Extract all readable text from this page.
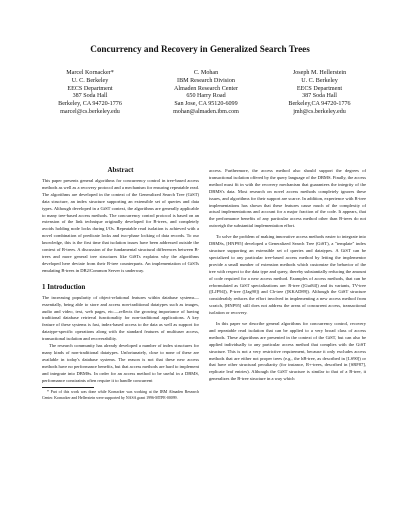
Concurrency and Recovery in Generalized Search Trees
Marcel Kornacker*
U. C. Berkeley
EECS Department
387 Soda Hall
Berkeley, CA 94720-1776
marcel@cs.berkeley.edu
C. Mohan
IBM Research Division
Almaden Research Center
650 Harry Road
San Jose, CA 95120-6099
mohan@almaden.ibm.com
Joseph M. Hellerstein
U. C. Berkeley
EECS Department
387 Soda Hall
Berkeley,CA 94720-1776
jmh@cs.berkeley.edu
Abstract

This paper presents general algorithms for concurrency control in tree-based access methods as well as a recovery protocol and a mechanism for ensuring repeatable read. The algorithms are developed in the context of the Generalized Search Tree (GiST) data structure, an index structure supporting an extensible set of queries and data types. Although developed in a GiST context, the algorithms are generally applicable to many tree-based access methods. The concurrency control protocol is based on an extension of the link technique originally developed for B-trees, and completely avoids holding node locks during I/Os. Repeatable read isolation is achieved with a novel combination of predicate locks and two-phase locking of data records. To our knowledge, this is the first time that isolation issues have been addressed outside the context of B-trees. A discussion of the fundamental structural differences between B-trees and more general tree structures like GiSTs explains why the algorithms developed here deviate from their B-tree counterparts. An implementation of GiSTs emulating B-trees in DB2/Common Server is underway.

1 Introduction

The increasing popularity of object-relational features within database systems—essentially, being able to store and access non-traditional datatypes such as images, audio and video, text, web pages, etc.—reflects the growing importance of having traditional database retrieval functionality for non-traditional applications. A key feature of these systems is fast, index-based access to the data as well as support for datatype-specific operations along with the standard features of multiuser access, transactional isolation and recoverability.

The research community has already developed a number of index structures for many kinds of non-traditional datatypes. Unfortunately, close to none of these are available in today's database systems. The reason is not that these new access methods have no performance benefits, but that access methods are hard to implement and integrate into DBMSs. In order for an access method to be useful in a DBMS, performance constraints often require it to handle concurrent

* Part of this work was done while Kornacker was working at the IBM Almaden Research Center. Kornacker and Hellerstein were supported by NASA grant 1996-MTPE-00099.

access. Furthermore, the access method also should support the degrees of transactional isolation offered by the query language of the DBMS. Finally, the access method must fit in with the recovery mechanism that guarantees the integrity of the DBMS's data. Most research on novel access methods completely ignores these issues, and algorithms for their support are scarce. In addition, experience with R-tree implementations has shown that these features cause much of the complexity of actual implementations and account for a major fraction of the code. It appears, that the performance benefits of any particular access method other than B-trees do not outweigh the substantial implementation effort.

To solve the problem of making innovative access methods easier to integrate into DBMSs, [HNP95] developed a Generalized Search Tree (GiST), a "template" index structure supporting an extensible set of queries and datatypes. A GiST can be specialized to any particular tree-based access method by letting the implementor provide a small number of extension methods which customize the behavior of the tree with respect to the data type and query, thereby substantially reducing the amount of code required for a new access method. Examples of access methods, that can be reformulated as GiST specializations are: R-tree ([Gut84]) and its variants, TV-tree ([LJF94]), P-tree ([Jag90]) and Ch-tree ([KKAD89]). Although the GiST structure considerably reduces the effort involved in implementing a new access method from scratch, [HNP95] still does not address the areas of concurrent access, transactional isolation or recovery.

In this paper we describe general algorithms for concurrency control, recovery and repeatable read isolation that can be applied to a very broad class of access methods. These algorithms are presented in the context of the GiST, but can also be applied individually to any particular access method that complies with the GiST structure. This is not a very restrictive requirement, because it only excludes access methods that are either not proper trees (e.g., the hB-tree, as described in [LS90]) or that have other structural peculiarity (for instance, R+-trees, described in [SRF87], replicate leaf entries). Although the GiST structure is similar to that of a B-tree, it generalizes the B-tree structure in a way which
